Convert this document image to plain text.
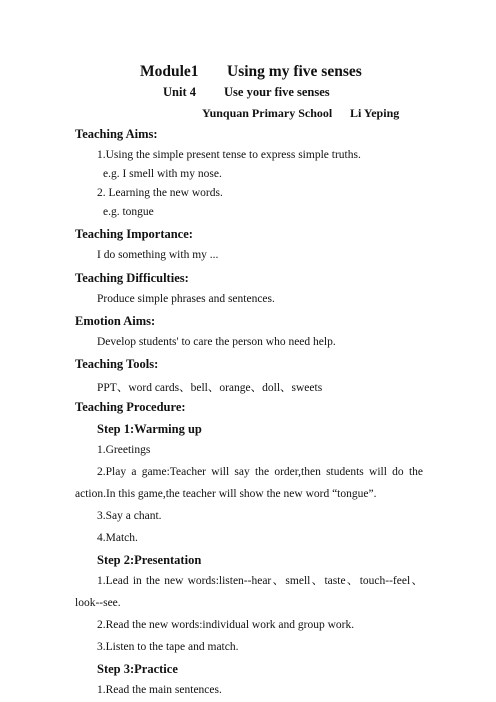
Module1 Using my five senses
Unit 4 Use your five senses
Yunquan Primary School Li Yeping
Teaching Aims:
1.Using the simple present tense to express simple truths.
e.g. I smell with my nose.
2. Learning the new words.
e.g. tongue
Teaching Importance:
I do something with my ...
Teaching Difficulties:
Produce simple phrases and sentences.
Emotion Aims:
Develop students' to care the person who need help.
Teaching Tools:
PPT、word cards、bell、orange、doll、sweets
Teaching Procedure:
Step 1:Warming up
1.Greetings
2.Play a game:Teacher will say the order,then students will do the action.In this game,the teacher will show the new word “tongue”.
3.Say a chant.
4.Match.
Step 2:Presentation
1.Lead in the new words:listen--hear、smell、taste、touch--feel、look--see.
2.Read the new words:individual work and group work.
3.Listen to the tape and match.
Step 3:Practice
1.Read the main sentences.
